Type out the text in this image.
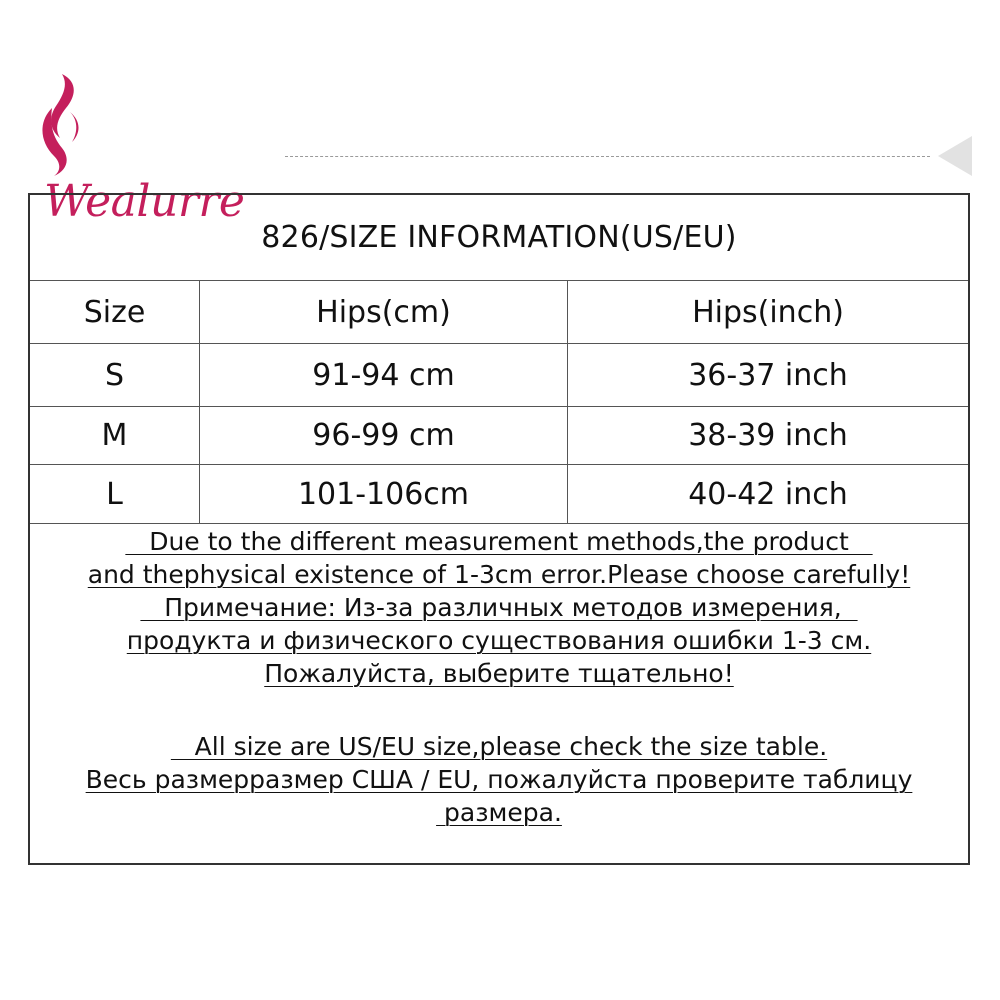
Wealurre
826/SIZE INFORMATION(US/EU)
Size	Hips(cm)	Hips(inch)
S	91-94 cm	36-37 inch
M	96-99 cm	38-39 inch
L	101-106cm	40-42 inch
Due to the different measurement methods,the product
and thephysical existence of 1-3cm error.Please choose carefully!
Примечание: Из-за различных методов измерения,
продукта и физического существования ошибки 1-3 см.
Пожалуйста, выберите тщательно!
All size are US/EU size,please check the size table.
Весь размерразмер США / EU, пожалуйста проверите таблицу
размера.
